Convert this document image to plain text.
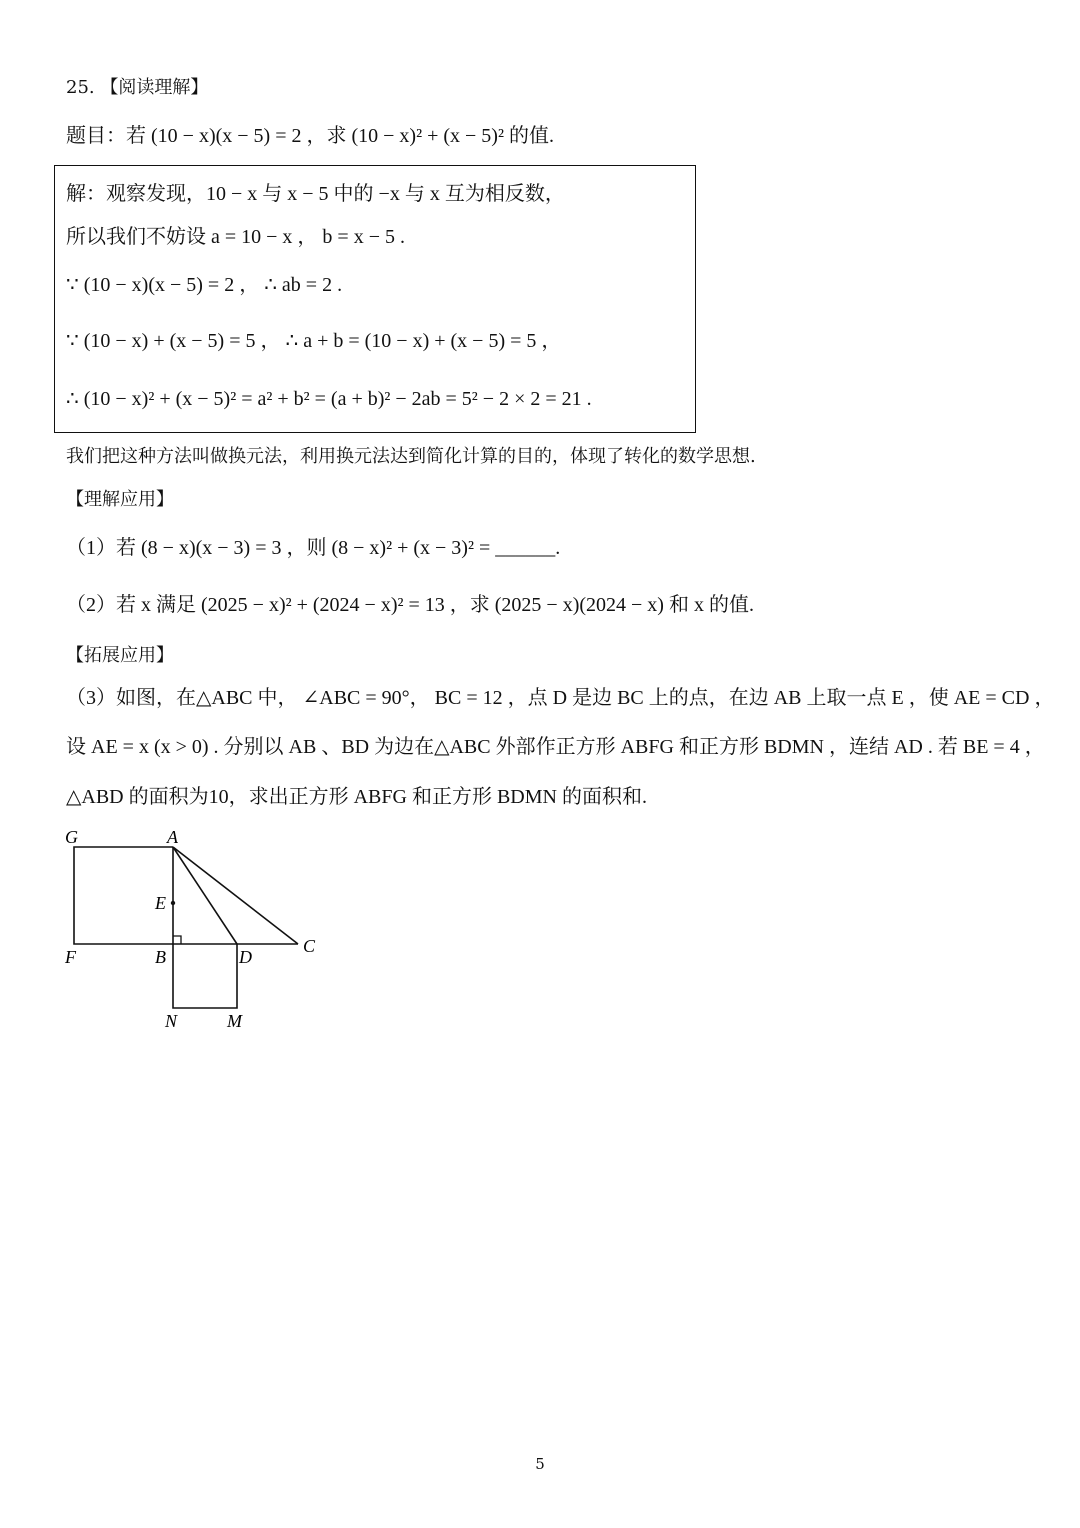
25. 【阅读理解】
题目：若 (10 − x)(x − 5) = 2 ，求 (10 − x)² + (x − 5)² 的值.
解：观察发现，10 − x 与 x − 5 中的 −x 与 x 互为相反数，
所以我们不妨设 a = 10 − x ， b = x − 5 .
∵ (10 − x)(x − 5) = 2 ， ∴ ab = 2 .
∵ (10 − x) + (x − 5) = 5 ， ∴ a + b = (10 − x) + (x − 5) = 5 ，
∴ (10 − x)² + (x − 5)² = a² + b² = (a + b)² − 2ab = 5² − 2 × 2 = 21 .
我们把这种方法叫做换元法，利用换元法达到简化计算的目的，体现了转化的数学思想.
【理解应用】
（1）若 (8 − x)(x − 3) = 3 ，则 (8 − x)² + (x − 3)² = ______.
（2）若 x 满足 (2025 − x)² + (2024 − x)² = 13 ，求 (2025 − x)(2024 − x) 和 x 的值.
【拓展应用】
（3）如图，在△ABC 中， ∠ABC = 90°， BC = 12 ，点 D 是边 BC 上的点，在边 AB 上取一点 E ，使 AE = CD ，
设 AE = x (x > 0) . 分别以 AB 、BD 为边在△ABC 外部作正方形 ABFG 和正方形 BDMN ，连结 AD . 若 BE = 4 ，
△ABD 的面积为10，求出正方形 ABFG 和正方形 BDMN 的面积和.
G	A
E
F	B	D
C
N	M
5
